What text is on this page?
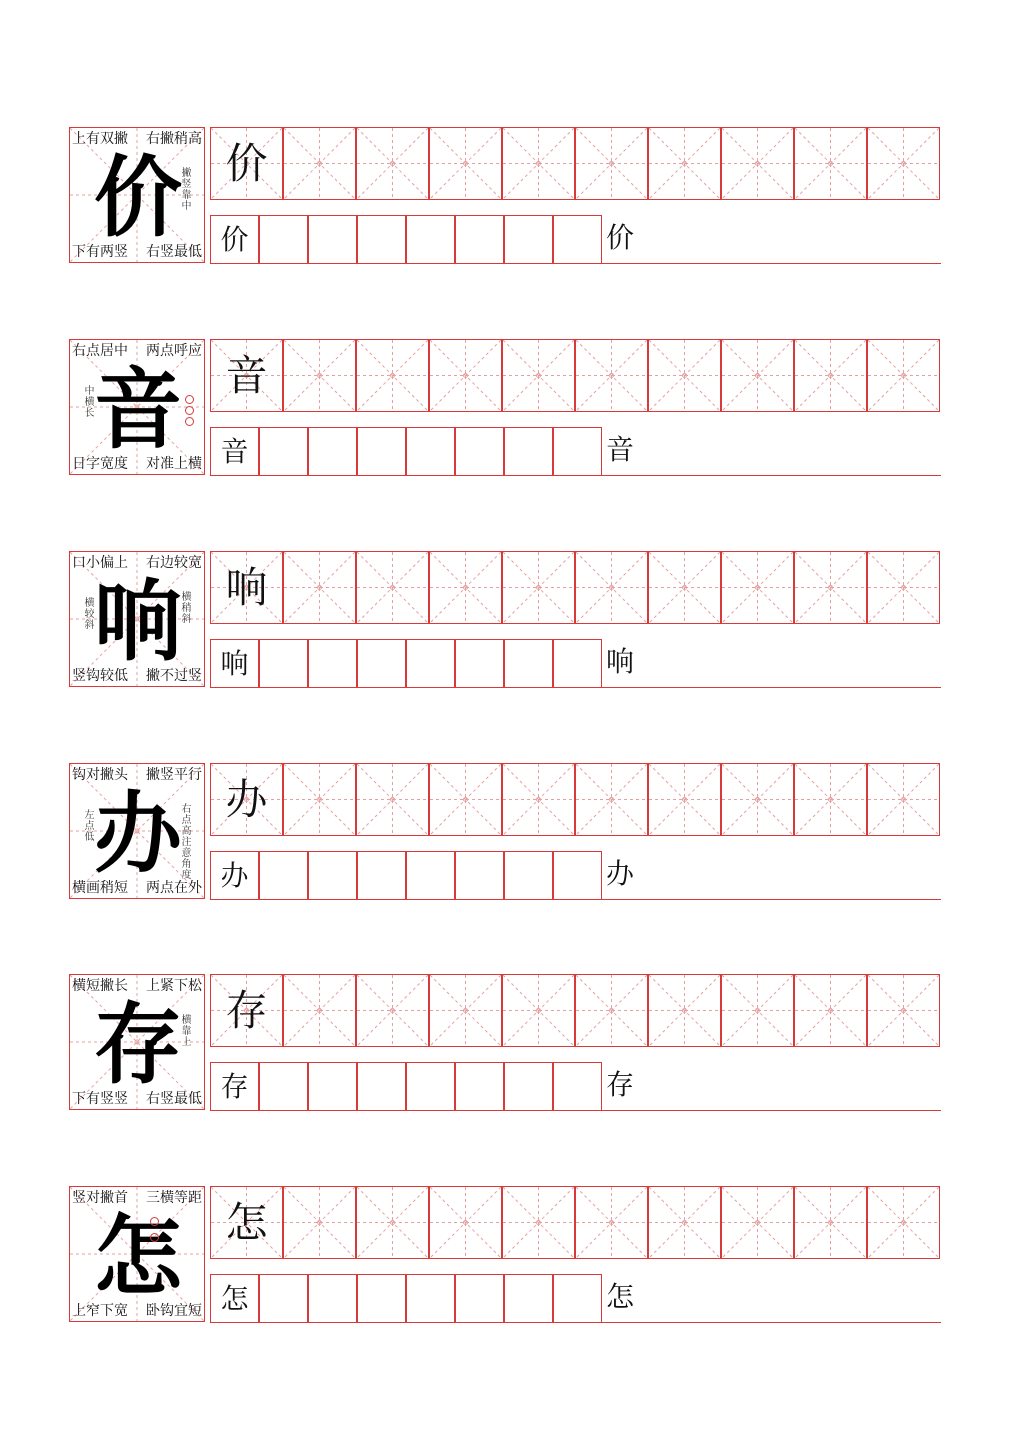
上有双撇 右撇稍高
下有两竖 右竖最低
价 撇竖靠中
价
价	价
右点居中 两点呼应
日字宽度 对准上横
音
中横长
音
音	音
口小偏上 右边较宽
竖钩较低 撇不过竖
响
横较斜
横稍斜
响
响	响
钩对撇头 撇竖平行
横画稍短 两点在外
办
左点低
右点高注意角度
办
办	办
横短撇长 上紧下松
下有竖竖 右竖最低
存 横靠上
存
存	存
竖对撇首 三横等距
上窄下宽 卧钩宜短
怎	怎
怎	怎
